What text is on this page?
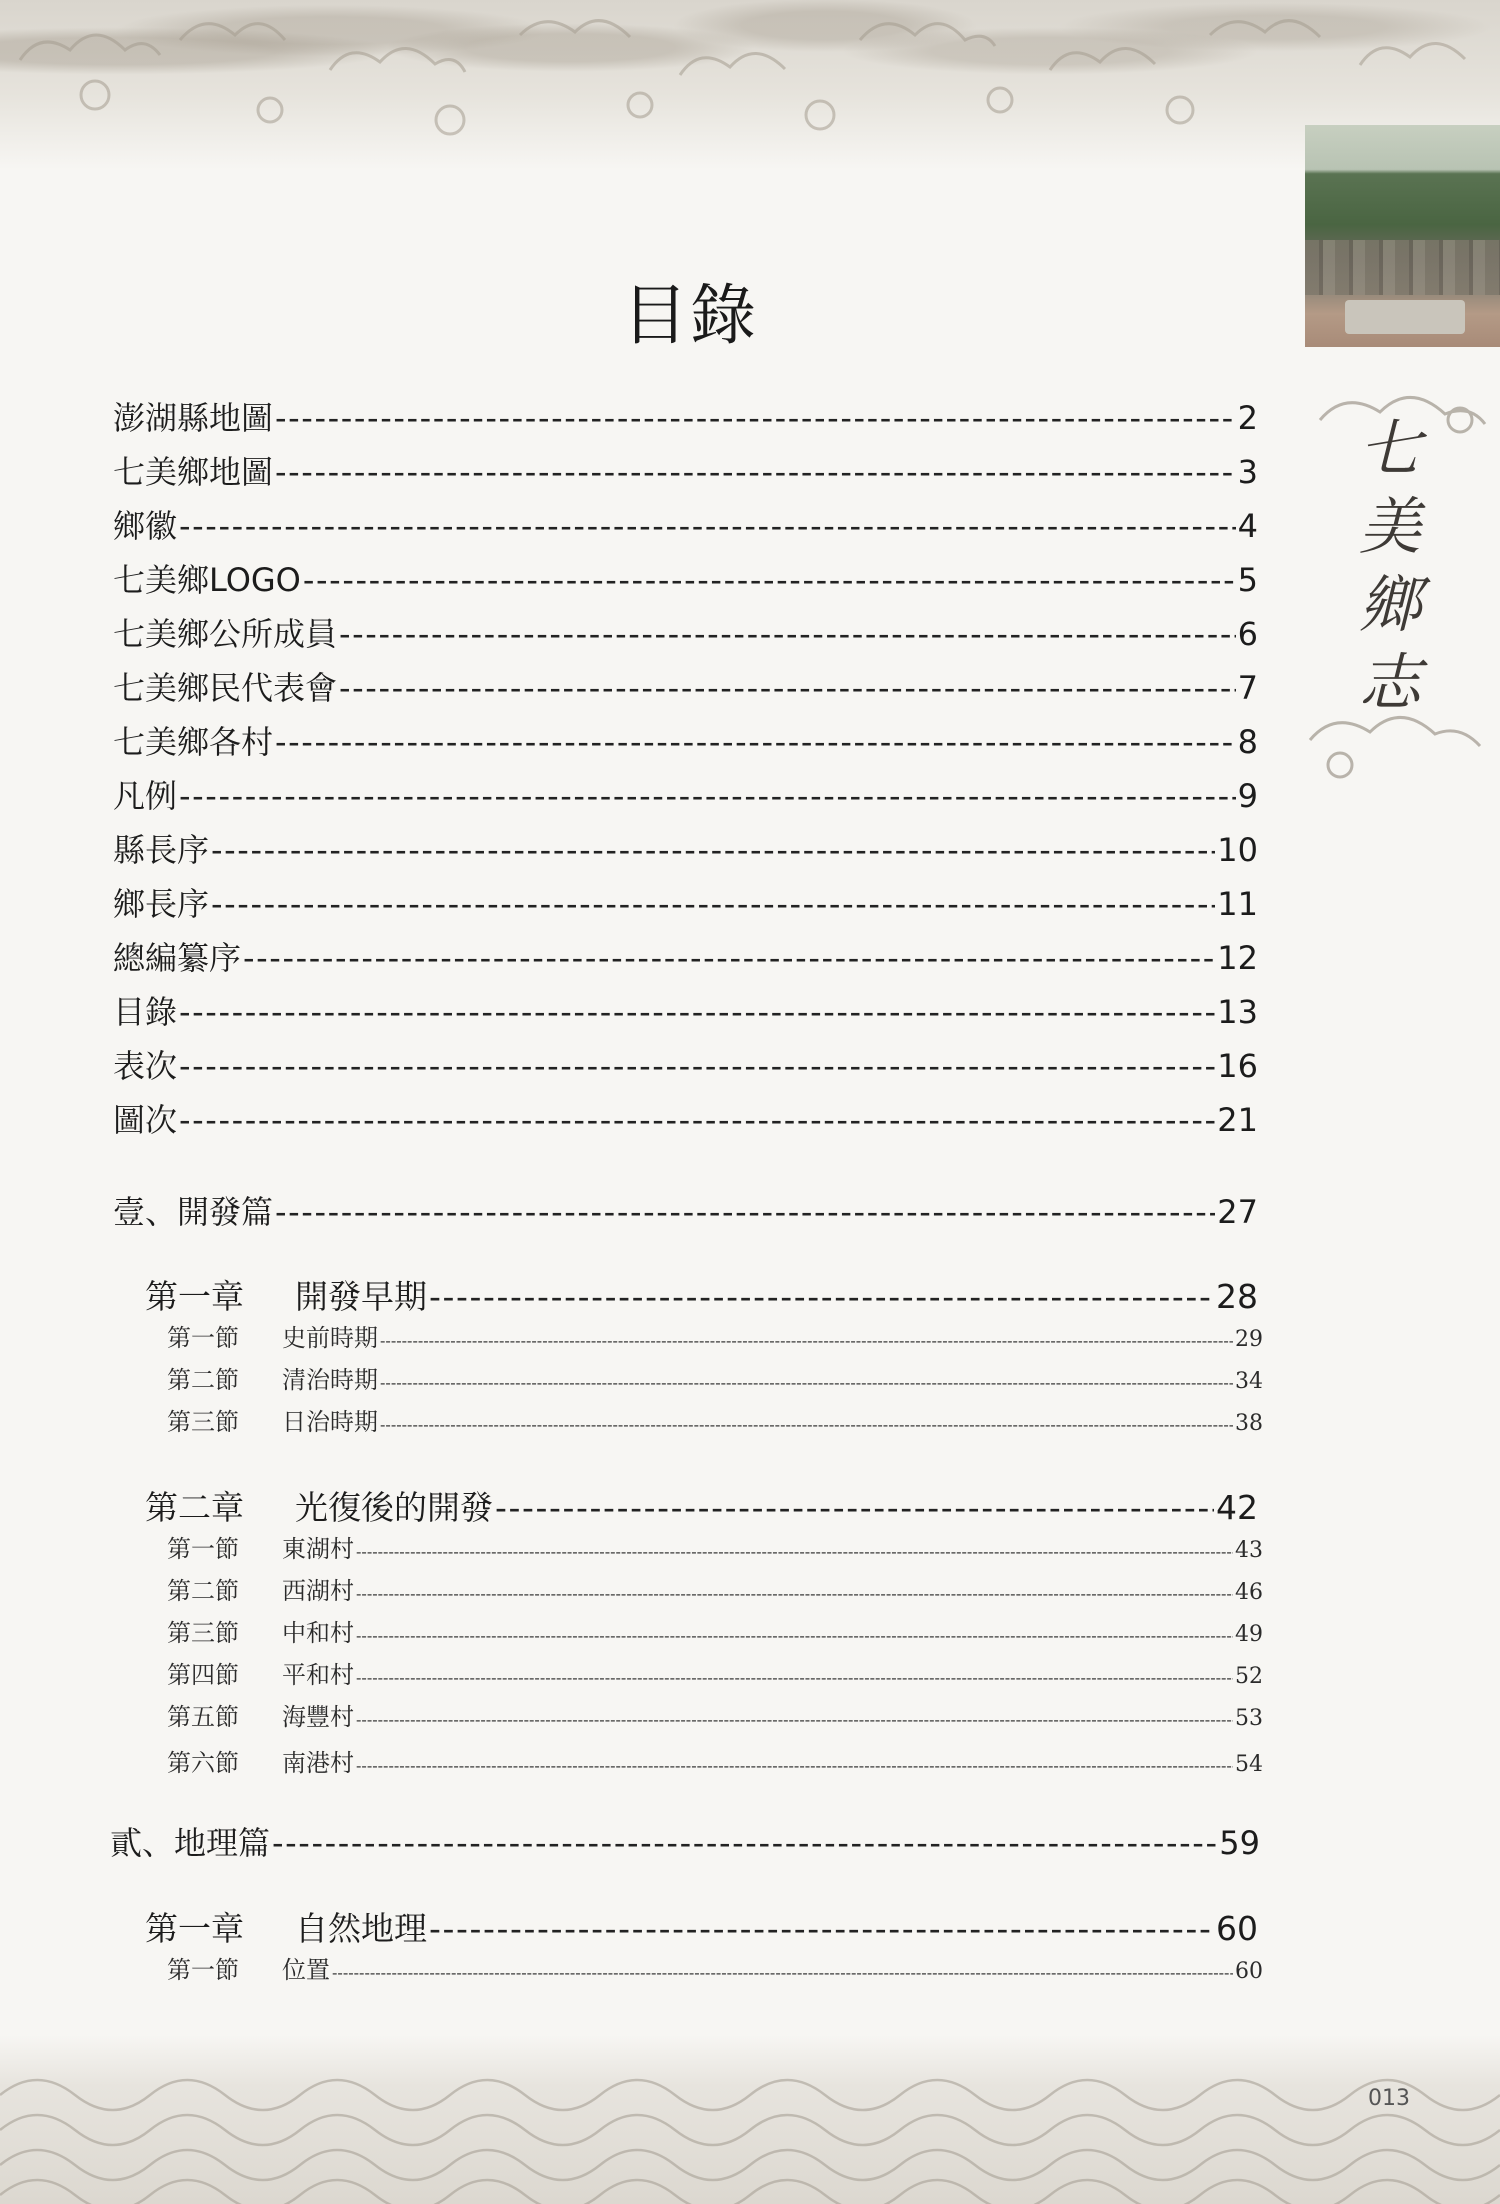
七
美
鄉
志
目錄
澎湖縣地圖 -----	2
七美鄉地圖 -----	3
鄉徽 -----	4
七美鄉LOGO -----	5
七美鄉公所成員 -----	6
七美鄉民代表會 -----	7
七美鄉各村 -----	8
凡例 -----	9
縣長序 -----	10
鄉長序 -----	11
總編纂序 -----	12
目錄 -----	13
表次 -----	16
圖次 -----	21
壹、開發篇 -----	27
第一章 開發早期 -----	28
第一節 史前時期 -----	29
第二節 清治時期 -----	34
第三節 日治時期 -----	38
第二章 光復後的開發 -----	42
第一節 東湖村 -----	43
第二節 西湖村 -----	46
第三節 中和村 -----	49
第四節 平和村 -----	52
第五節 海豐村 -----	53
第六節 南港村 -----	54
貳、地理篇 -----	59
第一章 自然地理 -----	60
第一節 位置 -----	60
013
